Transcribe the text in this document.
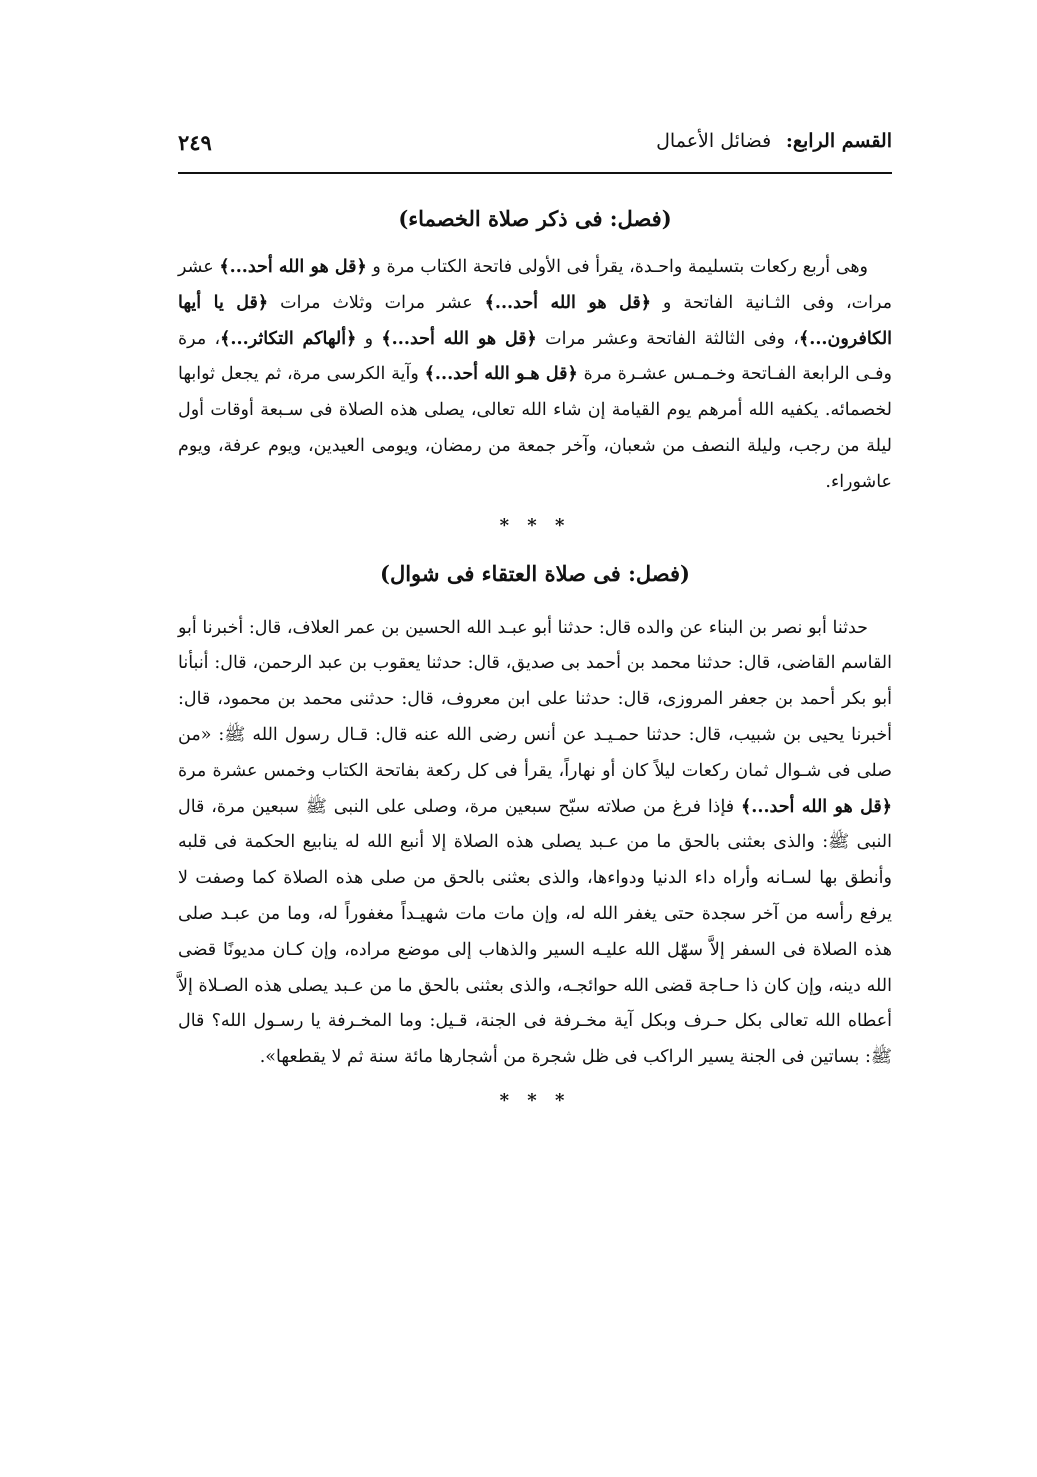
القسم الرابع: فضائل الأعمال
٢٤٩
(فصل: فى ذكر صلاة الخصماء)

وهى أربع ركعات بتسليمة واحـدة، يقرأ فى الأولى فاتحة الكتاب مرة و ﴿قل هو الله أحد...﴾ عشر مرات، وفى الثـانية الفاتحة و ﴿قل هو الله أحد...﴾ عشر مرات وثلاث مرات ﴿قل يا أيها الكافرون...﴾، وفى الثالثة الفاتحة وعشر مرات ﴿قل هو الله أحد...﴾ و ﴿ألهاكم التكاثر...﴾، مرة وفـى الرابعة الفـاتحة وخـمـس عشـرة مرة ﴿قل هـو الله أحد...﴾ وآية الكرسى مرة، ثم يجعل ثوابها لخصمائه. يكفيه الله أمرهم يوم القيامة إن شاء الله تعالى، يصلى هذه الصلاة فى سـبعة أوقات أول ليلة من رجب، وليلة النصف من شعبان، وآخر جمعة من رمضان، ويومى العيدين، ويوم عرفة، ويوم عاشوراء.

* * *
(فصل: فى صلاة العتقاء فى شوال)

حدثنا أبو نصر بن البناء عن والده قال: حدثنا أبو عبـد الله الحسين بن عمر العلاف، قال: أخبرنا أبو القاسم القاضى، قال: حدثنا محمد بن أحمد بى صديق، قال: حدثنا يعقوب بن عبد الرحمن، قال: أنبأنا أبو بكر أحمد بن جعفر المروزى، قال: حدثنا على ابن معروف، قال: حدثنى محمد بن محمود، قال: أخبرنا يحيى بن شبيب، قال: حدثنا حمـيـد عن أنس رضى الله عنه قال: قـال رسول الله ﷺ: «من صلى فى شـوال ثمان ركعات ليلاً كان أو نهاراً، يقرأ فى كل ركعة بفاتحة الكتاب وخمس عشرة مرة ﴿قل هو الله أحد...﴾ فإذا فرغ من صلاته سبّح سبعين مرة، وصلى على النبى ﷺ سبعين مرة، قال النبى ﷺ: والذى بعثنى بالحق ما من عـبد يصلى هذه الصلاة إلا أنبع الله له ينابيع الحكمة فى قلبه وأنطق بها لسـانه وأراه داء الدنيا ودواءها، والذى بعثنى بالحق من صلى هذه الصلاة كما وصفت لا يرفع رأسه من آخر سجدة حتى يغفر الله له، وإن مات مات شهيـداً مغفوراً له، وما من عبـد صلى هذه الصلاة فى السفر إلاَّ سهّل الله عليـه السير والذهاب إلى موضع مراده، وإن كـان مديونًا قضى الله دينه، وإن كان ذا حـاجة قضى الله حوائجـه، والذى بعثنى بالحق ما من عـبد يصلى هذه الصـلاة إلاَّ أعطاه الله تعالى بكل حـرف وبكل آية مخـرفة فى الجنة، قـيل: وما المخـرفة يا رسـول الله؟ قال ﷺ: بساتين فى الجنة يسير الراكب فى ظل شجرة من أشجارها مائة سنة ثم لا يقطعها».

* * *
